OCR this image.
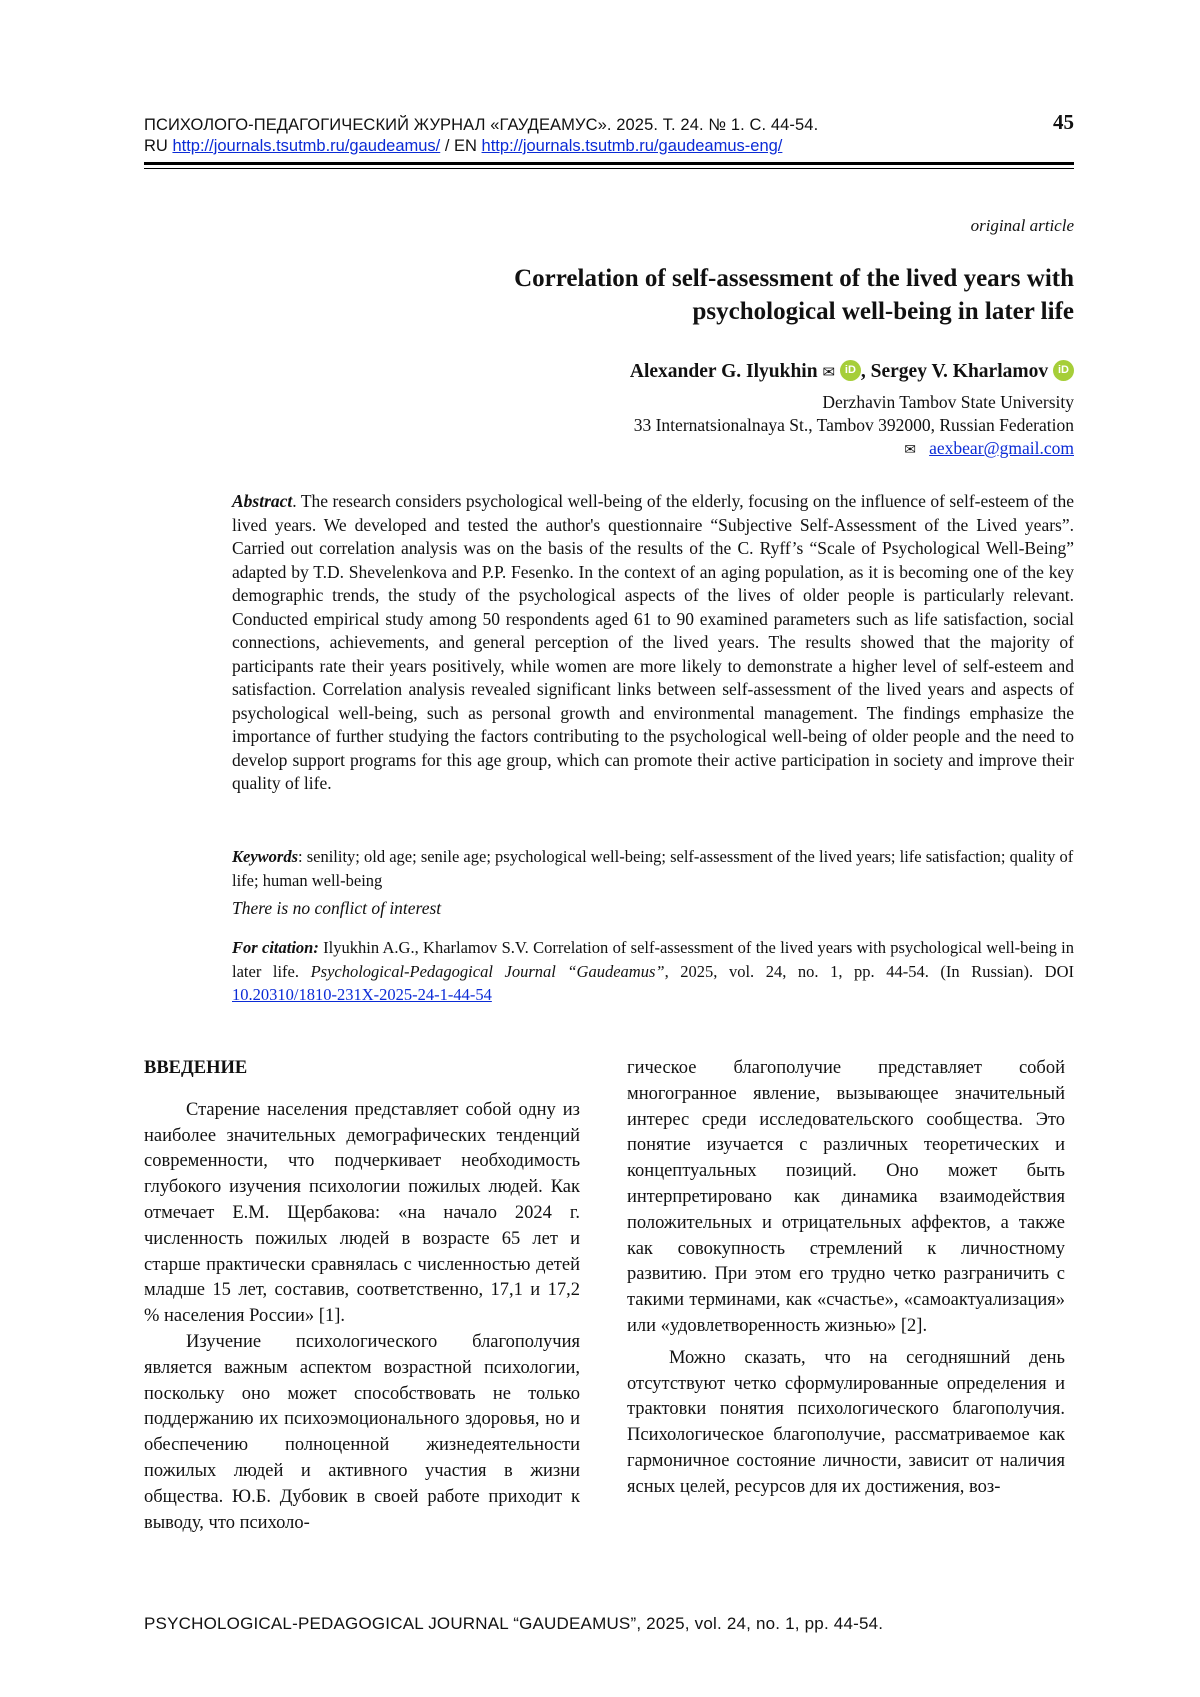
ПСИХОЛОГО-ПЕДАГОГИЧЕСКИЙ ЖУРНАЛ «ГАУДЕАМУС». 2025. Т. 24. № 1. С. 44-54.
RU http://journals.tsutmb.ru/gaudeamus/ / EN http://journals.tsutmb.ru/gaudeamus-eng/
45
original article
Correlation of self-assessment of the lived years with psychological well-being in later life
Alexander G. Ilyukhin ✉ iD , Sergey V. Kharlamov iD
Derzhavin Tambov State University
33 Internatsionalnaya St., Tambov 392000, Russian Federation
✉ aexbear@gmail.com
Abstract. The research considers psychological well-being of the elderly, focusing on the influence of self-esteem of the lived years. We developed and tested the author's questionnaire “Subjective Self-Assessment of the Lived years”. Carried out correlation analysis was on the basis of the results of the C. Ryff’s “Scale of Psychological Well-Being” adapted by T.D. Shevelenkova and P.P. Fesenko. In the context of an aging population, as it is becoming one of the key demographic trends, the study of the psychological aspects of the lives of older people is particularly relevant. Conducted empirical study among 50 respondents aged 61 to 90 examined parameters such as life satisfaction, social connections, achievements, and general perception of the lived years. The results showed that the majority of participants rate their years positively, while women are more likely to demonstrate a higher level of self-esteem and satisfaction. Correlation analysis revealed significant links between self-assessment of the lived years and aspects of psychological well-being, such as personal growth and environmental management. The findings emphasize the importance of further studying the factors contributing to the psychological well-being of older people and the need to develop support programs for this age group, which can promote their active participation in society and improve their quality of life.
Keywords: senility; old age; senile age; psychological well-being; self-assessment of the lived years; life satisfaction; quality of life; human well-being
There is no conflict of interest
For citation: Ilyukhin A.G., Kharlamov S.V. Correlation of self-assessment of the lived years with psychological well-being in later life. Psychological-Pedagogical Journal “Gaudeamus”, 2025, vol. 24, no. 1, pp. 44-54. (In Russian). DOI 10.20310/1810-231X-2025-24-1-44-54
ВВЕДЕНИЕ

Старение населения представляет собой одну из наиболее значительных демографических тенденций современности, что подчеркивает необходимость глубокого изучения психологии пожилых людей. Как отмечает Е.М. Щербакова: «на начало 2024 г. численность пожилых людей в возрасте 65 лет и старше практически сравнялась с численностью детей младше 15 лет, составив, соответственно, 17,1 и 17,2 % населения России» [1].

Изучение психологического благополучия является важным аспектом возрастной психологии, поскольку оно может способствовать не только поддержанию их психоэмоционального здоровья, но и обеспечению полноценной жизнедеятельности пожилых людей и активного участия в жизни общества. Ю.Б. Дубовик в своей работе приходит к выводу, что психоло-

гическое благополучие представляет собой многогранное явление, вызывающее значительный интерес среди исследовательского сообщества. Это понятие изучается с различных теоретических и концептуальных позиций. Оно может быть интерпретировано как динамика взаимодействия положительных и отрицательных аффектов, а также как совокупность стремлений к личностному развитию. При этом его трудно четко разграничить с такими терминами, как «счастье», «самоактуализация» или «удовлетворенность жизнью» [2].

Можно сказать, что на сегодняшний день отсутствуют четко сформулированные определения и трактовки понятия психологического благополучия. Психологическое благополучие, рассматриваемое как гармоничное состояние личности, зависит от наличия ясных целей, ресурсов для их достижения, воз-

PSYCHOLOGICAL-PEDAGOGICAL JOURNAL “GAUDEAMUS”, 2025, vol. 24, no. 1, pp. 44-54.
